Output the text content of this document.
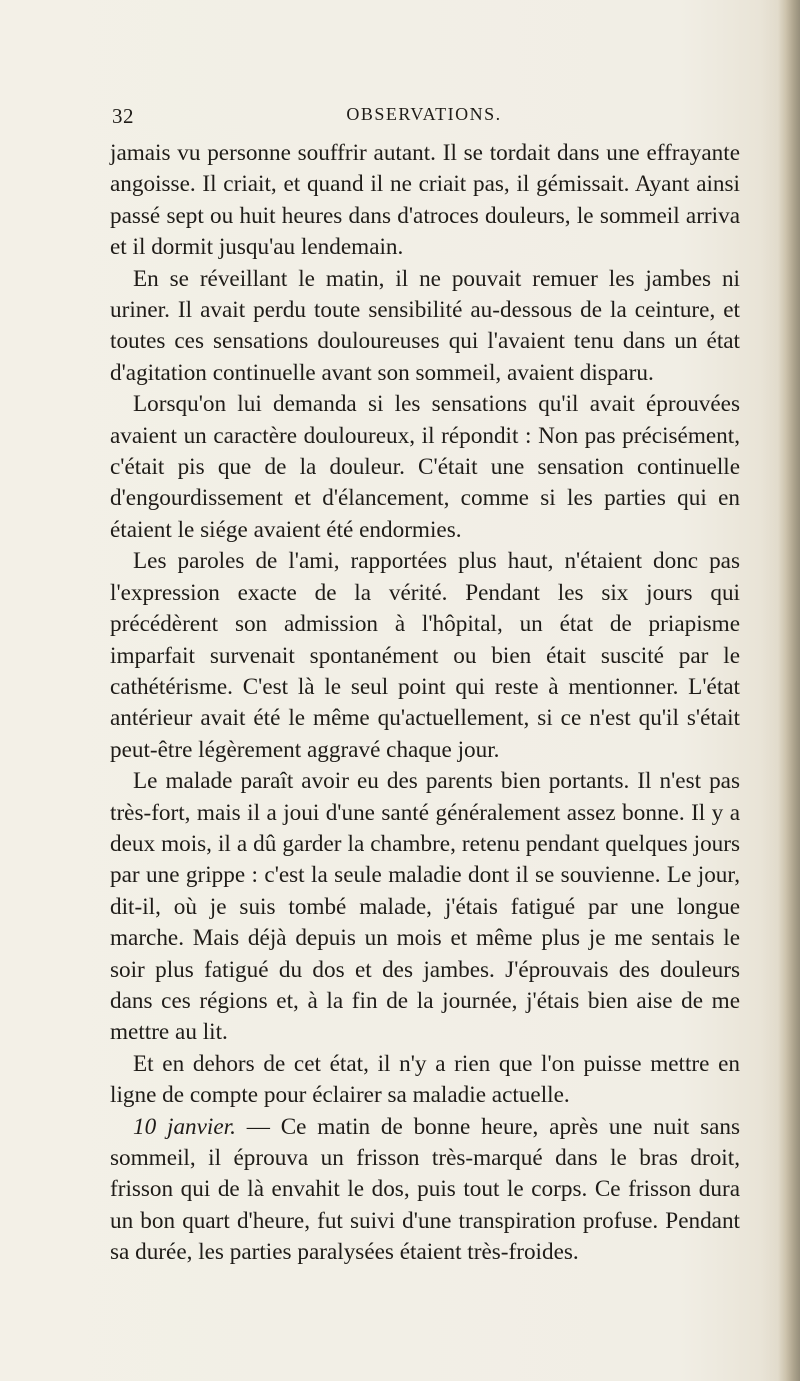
32	OBSERVATIONS.

jamais vu personne souffrir autant. Il se tordait dans une effrayante angoisse. Il criait, et quand il ne criait pas, il gémissait. Ayant ainsi passé sept ou huit heures dans d'atroces douleurs, le sommeil arriva et il dormit jusqu'au lendemain.

En se réveillant le matin, il ne pouvait remuer les jambes ni uriner. Il avait perdu toute sensibilité au-dessous de la ceinture, et toutes ces sensations douloureuses qui l'avaient tenu dans un état d'agitation continuelle avant son sommeil, avaient disparu.

Lorsqu'on lui demanda si les sensations qu'il avait éprouvées avaient un caractère douloureux, il répondit : Non pas précisément, c'était pis que de la douleur. C'était une sensation continuelle d'engourdissement et d'élancement, comme si les parties qui en étaient le siége avaient été endormies.

Les paroles de l'ami, rapportées plus haut, n'étaient donc pas l'expression exacte de la vérité. Pendant les six jours qui précédèrent son admission à l'hôpital, un état de priapisme imparfait survenait spontanément ou bien était suscité par le cathétérisme. C'est là le seul point qui reste à mentionner. L'état antérieur avait été le même qu'actuellement, si ce n'est qu'il s'était peut-être légèrement aggravé chaque jour.

Le malade paraît avoir eu des parents bien portants. Il n'est pas très-fort, mais il a joui d'une santé généralement assez bonne. Il y a deux mois, il a dû garder la chambre, retenu pendant quelques jours par une grippe : c'est la seule maladie dont il se souvienne. Le jour, dit-il, où je suis tombé malade, j'étais fatigué par une longue marche. Mais déjà depuis un mois et même plus je me sentais le soir plus fatigué du dos et des jambes. J'éprouvais des douleurs dans ces régions et, à la fin de la journée, j'étais bien aise de me mettre au lit.

Et en dehors de cet état, il n'y a rien que l'on puisse mettre en ligne de compte pour éclairer sa maladie actuelle.

10 janvier. — Ce matin de bonne heure, après une nuit sans sommeil, il éprouva un frisson très-marqué dans le bras droit, frisson qui de là envahit le dos, puis tout le corps. Ce frisson dura un bon quart d'heure, fut suivi d'une transpiration profuse. Pendant sa durée, les parties paralysées étaient très-froides.
